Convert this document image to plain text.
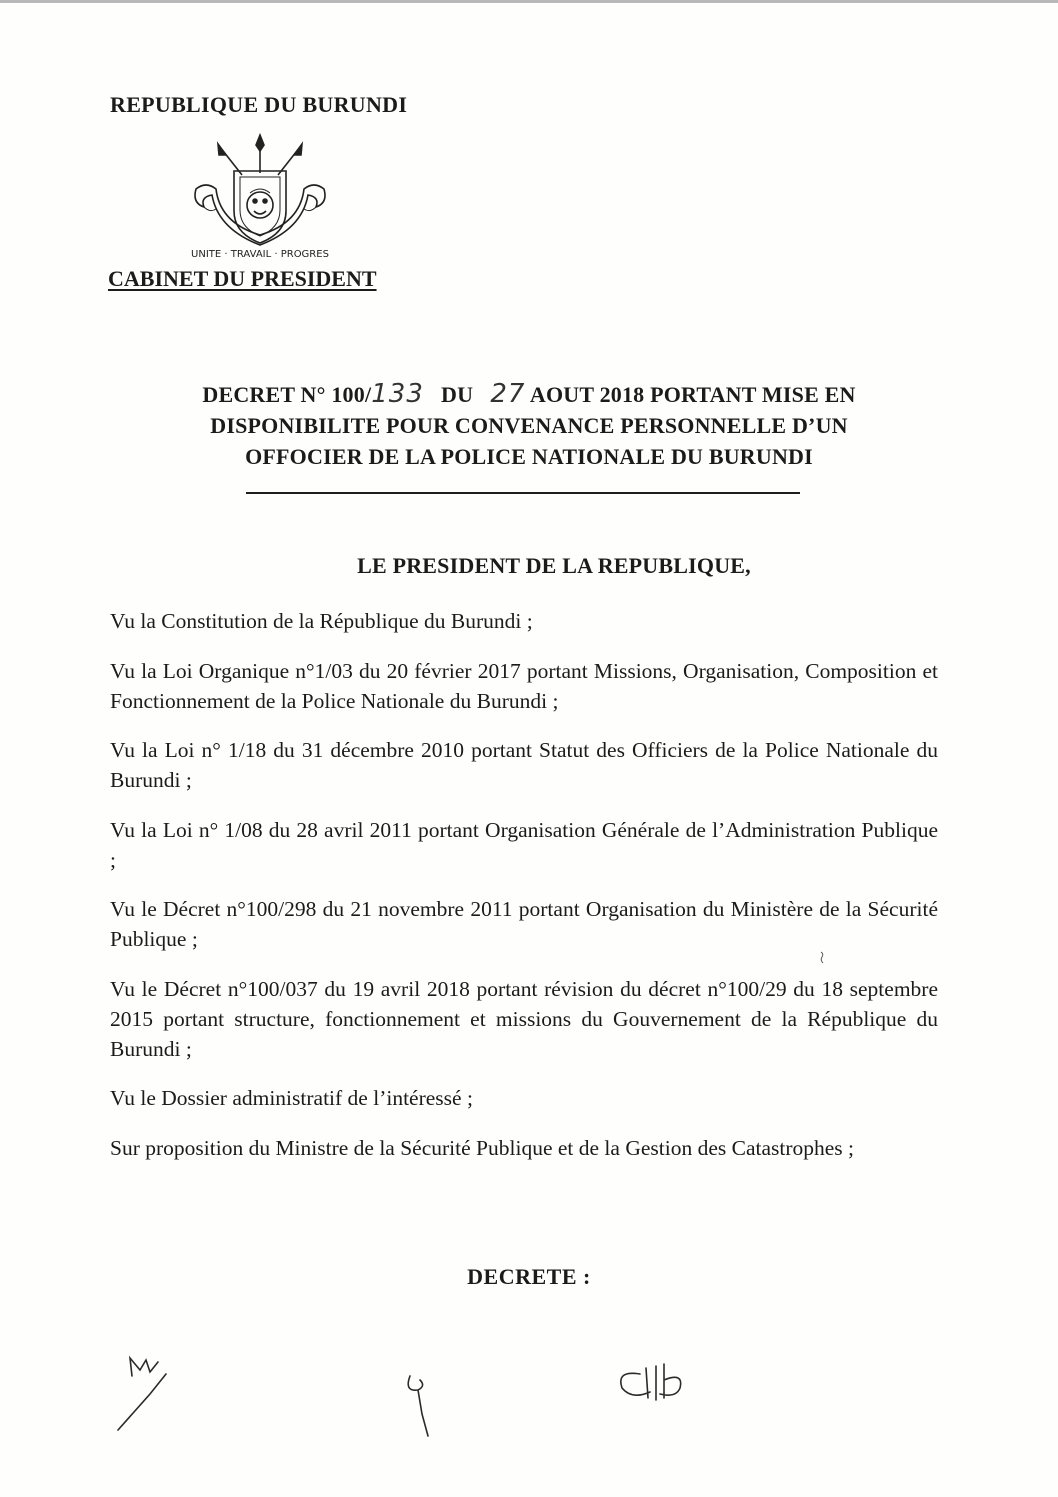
REPUBLIQUE DU BURUNDI
UNITE · TRAVAIL · PROGRES
CABINET DU PRESIDENT
DECRET N° 100/133 DU 27 AOUT 2018 PORTANT MISE EN
DISPONIBILITE POUR CONVENANCE PERSONNELLE D’UN
OFFOCIER DE LA POLICE NATIONALE DU BURUNDI
LE PRESIDENT DE LA REPUBLIQUE,
Vu la Constitution de la République du Burundi ;
Vu la Loi Organique n°1/03 du 20 février 2017 portant Missions, Organisation, Composition et Fonctionnement de la Police Nationale du Burundi ;
Vu la Loi n° 1/18 du 31 décembre 2010 portant Statut des Officiers de la Police Nationale du Burundi ;
Vu la Loi n° 1/08 du 28 avril 2011 portant Organisation Générale de l’Administration Publique ;
Vu le Décret n°100/298 du 21 novembre 2011 portant Organisation du Ministère de la Sécurité Publique ;
Vu le Décret n°100/037 du 19 avril 2018 portant révision du décret n°100/29 du 18 septembre 2015 portant structure, fonctionnement et missions du Gouvernement de la République du Burundi ;
Vu le Dossier administratif de l’intéressé ;
Sur proposition du Ministre de la Sécurité Publique et de la Gestion des Catastrophes ;
DECRETE :
